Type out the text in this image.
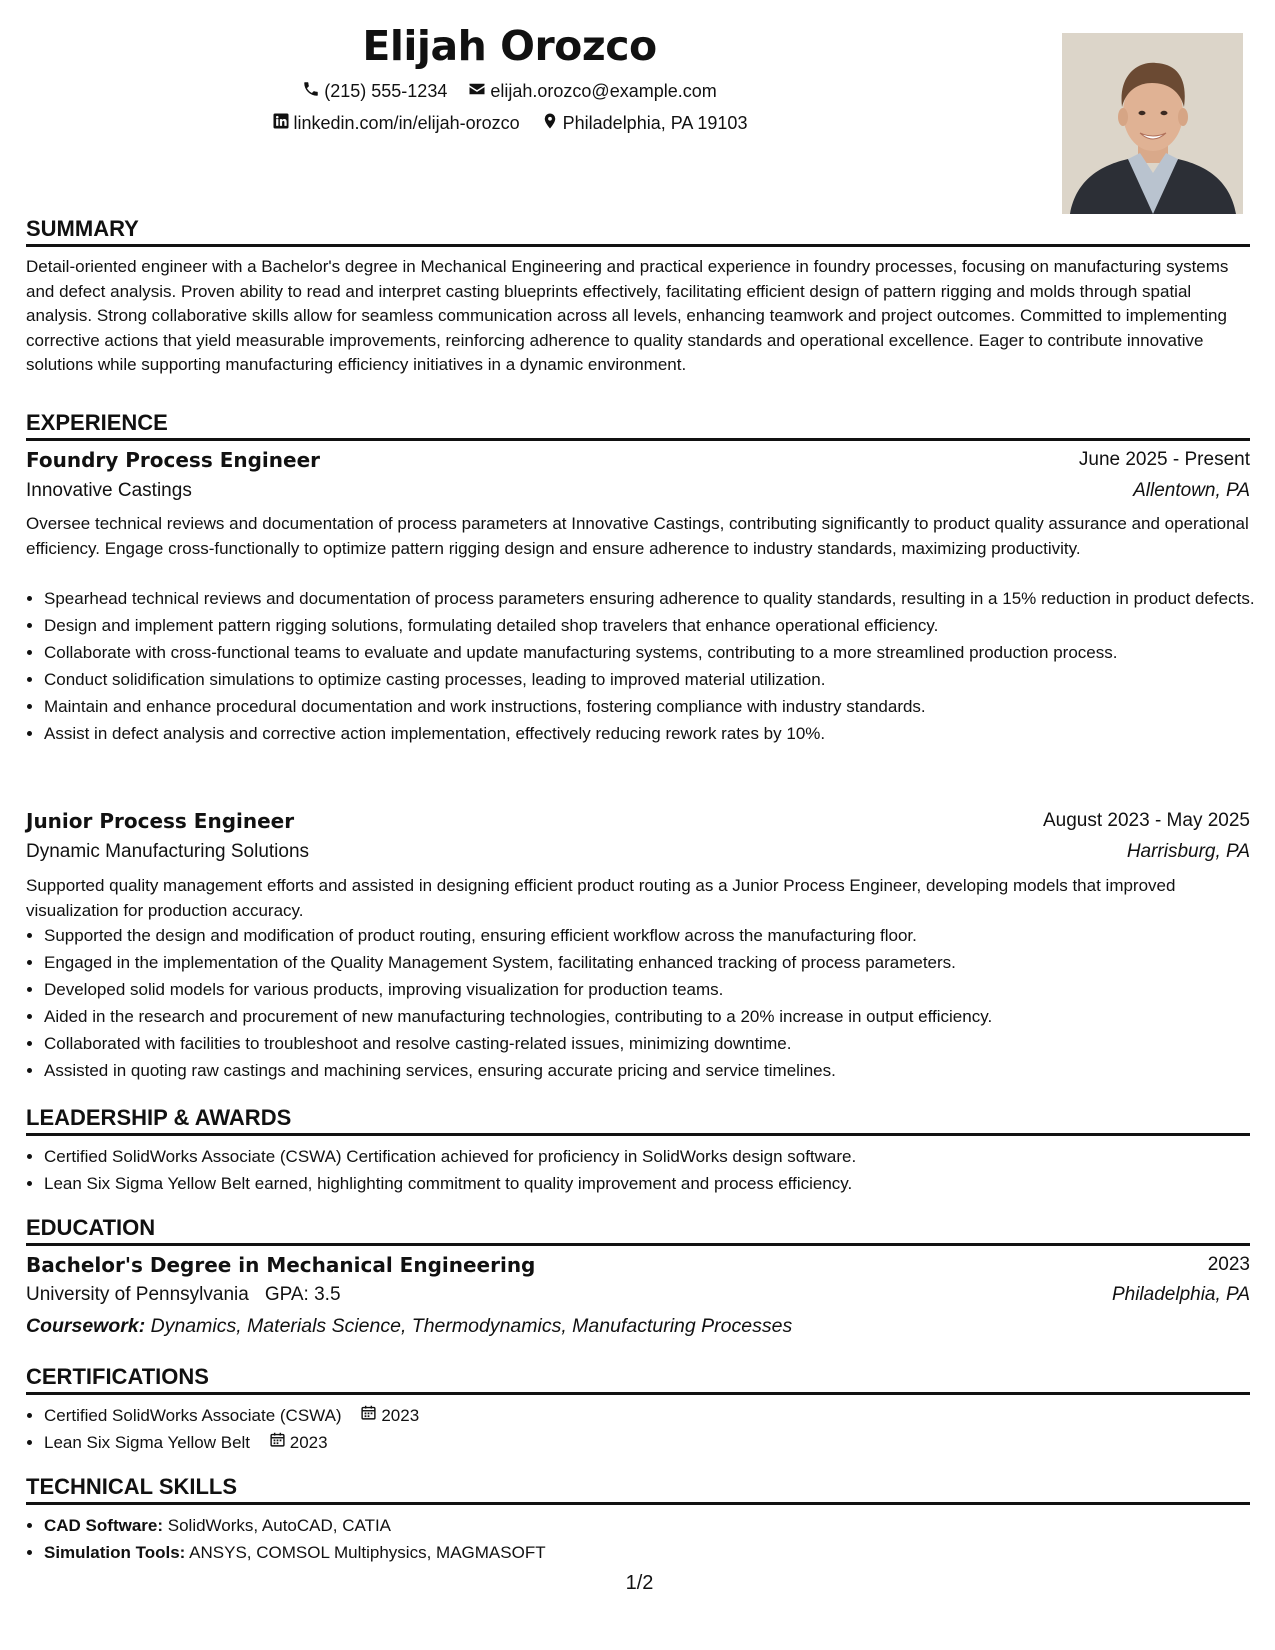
Elijah Orozco
(215) 555-1234
elijah.orozco@example.com
linkedin.com/in/elijah-orozco
Philadelphia, PA 19103
SUMMARY
Detail-oriented engineer with a Bachelor's degree in Mechanical Engineering and practical experience in foundry processes, focusing on manufacturing systems and defect analysis. Proven ability to read and interpret casting blueprints effectively, facilitating efficient design of pattern rigging and molds through spatial analysis. Strong collaborative skills allow for seamless communication across all levels, enhancing teamwork and project outcomes. Committed to implementing corrective actions that yield measurable improvements, reinforcing adherence to quality standards and operational excellence. Eager to contribute innovative solutions while supporting manufacturing efficiency initiatives in a dynamic environment.
EXPERIENCE
Foundry Process Engineer	June 2025 - Present
Innovative Castings	Allentown, PA
Oversee technical reviews and documentation of process parameters at Innovative Castings, contributing significantly to product quality assurance and operational efficiency. Engage cross-functionally to optimize pattern rigging design and ensure adherence to industry standards, maximizing productivity.
• Spearhead technical reviews and documentation of process parameters ensuring adherence to quality standards, resulting in a 15% reduction in product defects.
• Design and implement pattern rigging solutions, formulating detailed shop travelers that enhance operational efficiency.
• Collaborate with cross-functional teams to evaluate and update manufacturing systems, contributing to a more streamlined production process.
• Conduct solidification simulations to optimize casting processes, leading to improved material utilization.
• Maintain and enhance procedural documentation and work instructions, fostering compliance with industry standards.
• Assist in defect analysis and corrective action implementation, effectively reducing rework rates by 10%.
Junior Process Engineer	August 2023 - May 2025
Dynamic Manufacturing Solutions	Harrisburg, PA
Supported quality management efforts and assisted in designing efficient product routing as a Junior Process Engineer, developing models that improved visualization for production accuracy.
• Supported the design and modification of product routing, ensuring efficient workflow across the manufacturing floor.
• Engaged in the implementation of the Quality Management System, facilitating enhanced tracking of process parameters.
• Developed solid models for various products, improving visualization for production teams.
• Aided in the research and procurement of new manufacturing technologies, contributing to a 20% increase in output efficiency.
• Collaborated with facilities to troubleshoot and resolve casting-related issues, minimizing downtime.
• Assisted in quoting raw castings and machining services, ensuring accurate pricing and service timelines.
LEADERSHIP & AWARDS
• Certified SolidWorks Associate (CSWA) Certification achieved for proficiency in SolidWorks design software.
• Lean Six Sigma Yellow Belt earned, highlighting commitment to quality improvement and process efficiency.
EDUCATION
Bachelor's Degree in Mechanical Engineering	2023
University of Pennsylvania GPA: 3.5	Philadelphia, PA
Coursework: Dynamics, Materials Science, Thermodynamics, Manufacturing Processes
CERTIFICATIONS
• Certified SolidWorks Associate (CSWA) 2023
• Lean Six Sigma Yellow Belt 2023
TECHNICAL SKILLS
• CAD Software: SolidWorks, AutoCAD, CATIA
• Simulation Tools: ANSYS, COMSOL Multiphysics, MAGMASOFT
1/2
